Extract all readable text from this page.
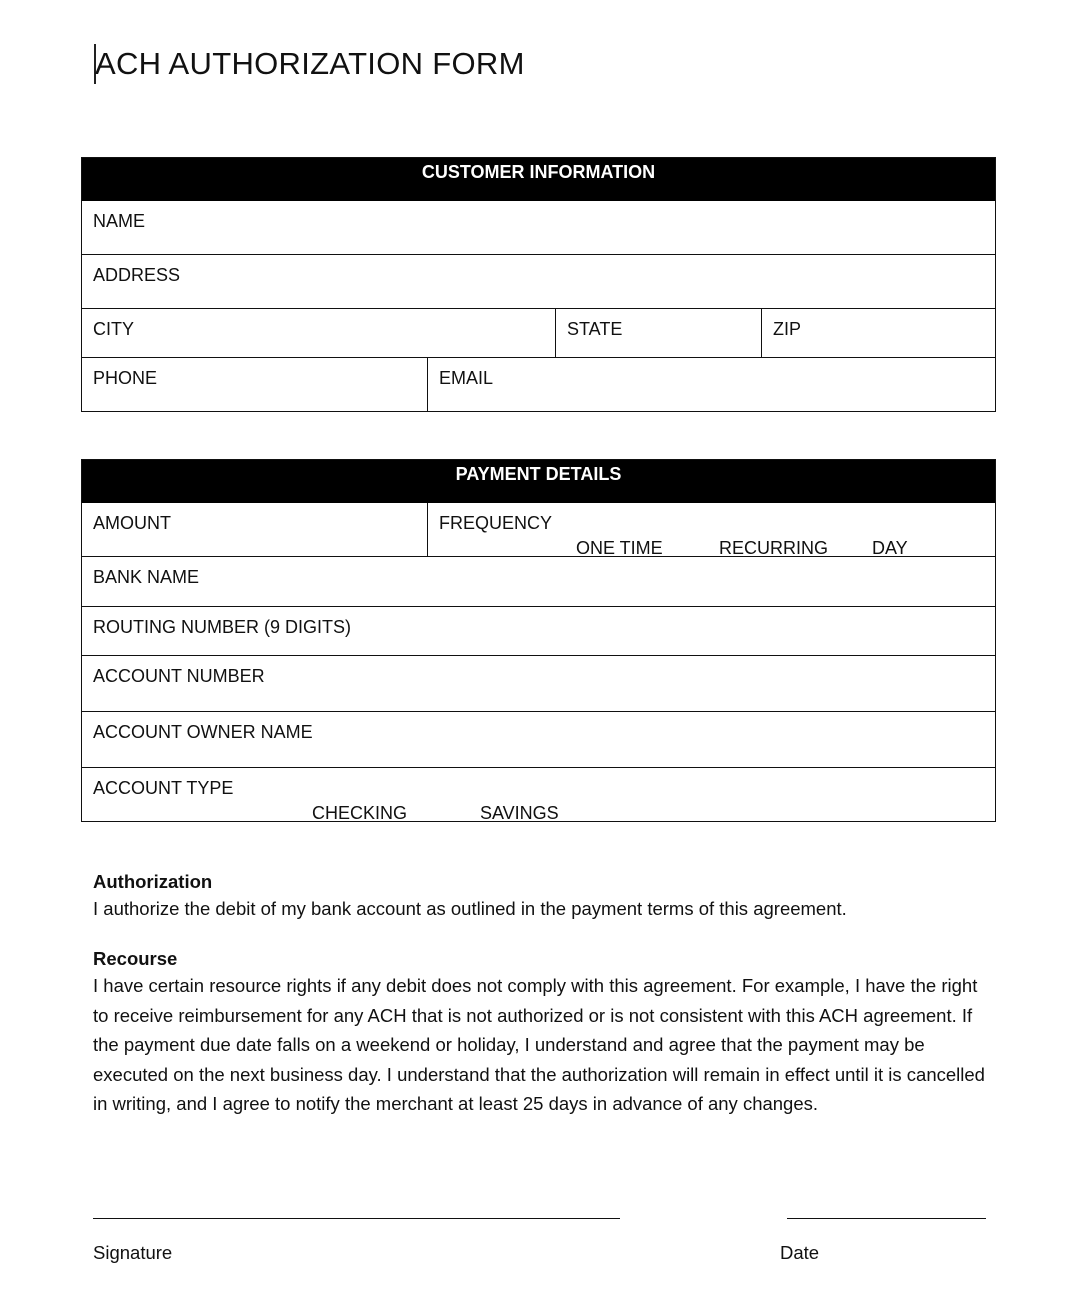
ACH AUTHORIZATION FORM
CUSTOMER INFORMATION
NAME
ADDRESS
CITY	STATE	ZIP
PHONE	EMAIL
PAYMENT DETAILS
AMOUNT	FREQUENCY
ONE TIME	RECURRING DAY
BANK NAME
ROUTING NUMBER (9 DIGITS)
ACCOUNT NUMBER
ACCOUNT OWNER NAME
ACCOUNT TYPE
CHECKING	SAVINGS
Authorization

I authorize the debit of my bank account as outlined in the payment terms of this agreement.

Recourse

I have certain resource rights if any debit does not comply with this agreement. For example, I have the right to receive reimbursement for any ACH that is not authorized or is not consistent with this ACH agreement. If the payment due date falls on a weekend or holiday, I understand and agree that the payment may be executed on the next business day. I understand that the authorization will remain in effect until it is cancelled in writing, and I agree to notify the merchant at least 25 days in advance of any changes.

Signature	Date
